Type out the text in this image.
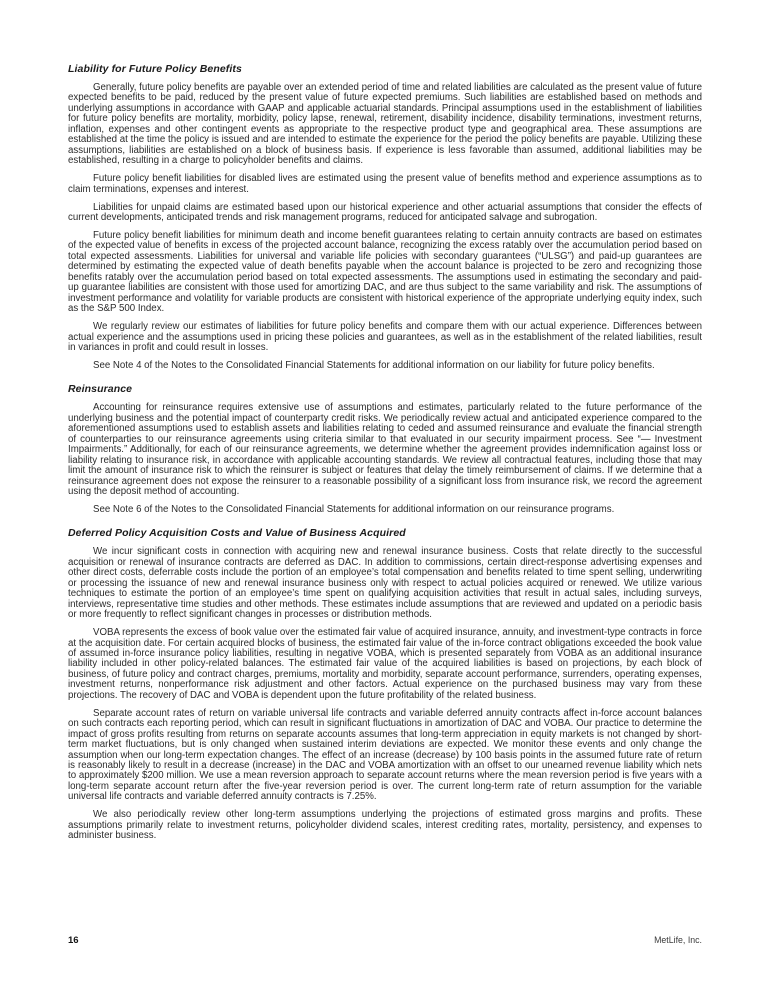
Liability for Future Policy Benefits

Generally, future policy benefits are payable over an extended period of time and related liabilities are calculated as the present value of future expected benefits to be paid, reduced by the present value of future expected premiums. Such liabilities are established based on methods and underlying assumptions in accordance with GAAP and applicable actuarial standards. Principal assumptions used in the establishment of liabilities for future policy benefits are mortality, morbidity, policy lapse, renewal, retirement, disability incidence, disability terminations, investment returns, inflation, expenses and other contingent events as appropriate to the respective product type and geographical area. These assumptions are established at the time the policy is issued and are intended to estimate the experience for the period the policy benefits are payable. Utilizing these assumptions, liabilities are established on a block of business basis. If experience is less favorable than assumed, additional liabilities may be established, resulting in a charge to policyholder benefits and claims.

Future policy benefit liabilities for disabled lives are estimated using the present value of benefits method and experience assumptions as to claim terminations, expenses and interest.

Liabilities for unpaid claims are estimated based upon our historical experience and other actuarial assumptions that consider the effects of current developments, anticipated trends and risk management programs, reduced for anticipated salvage and subrogation.

Future policy benefit liabilities for minimum death and income benefit guarantees relating to certain annuity contracts are based on estimates of the expected value of benefits in excess of the projected account balance, recognizing the excess ratably over the accumulation period based on total expected assessments. Liabilities for universal and variable life policies with secondary guarantees (“ULSG”) and paid-up guarantees are determined by estimating the expected value of death benefits payable when the account balance is projected to be zero and recognizing those benefits ratably over the accumulation period based on total expected assessments. The assumptions used in estimating the secondary and paid-up guarantee liabilities are consistent with those used for amortizing DAC, and are thus subject to the same variability and risk. The assumptions of investment performance and volatility for variable products are consistent with historical experience of the appropriate underlying equity index, such as the S&P 500 Index.

We regularly review our estimates of liabilities for future policy benefits and compare them with our actual experience. Differences between actual experience and the assumptions used in pricing these policies and guarantees, as well as in the establishment of the related liabilities, result in variances in profit and could result in losses.

See Note 4 of the Notes to the Consolidated Financial Statements for additional information on our liability for future policy benefits.

Reinsurance

Accounting for reinsurance requires extensive use of assumptions and estimates, particularly related to the future performance of the underlying business and the potential impact of counterparty credit risks. We periodically review actual and anticipated experience compared to the aforementioned assumptions used to establish assets and liabilities relating to ceded and assumed reinsurance and evaluate the financial strength of counterparties to our reinsurance agreements using criteria similar to that evaluated in our security impairment process. See “— Investment Impairments.” Additionally, for each of our reinsurance agreements, we determine whether the agreement provides indemnification against loss or liability relating to insurance risk, in accordance with applicable accounting standards. We review all contractual features, including those that may limit the amount of insurance risk to which the reinsurer is subject or features that delay the timely reimbursement of claims. If we determine that a reinsurance agreement does not expose the reinsurer to a reasonable possibility of a significant loss from insurance risk, we record the agreement using the deposit method of accounting.

See Note 6 of the Notes to the Consolidated Financial Statements for additional information on our reinsurance programs.

Deferred Policy Acquisition Costs and Value of Business Acquired

We incur significant costs in connection with acquiring new and renewal insurance business. Costs that relate directly to the successful acquisition or renewal of insurance contracts are deferred as DAC. In addition to commissions, certain direct-response advertising expenses and other direct costs, deferrable costs include the portion of an employee’s total compensation and benefits related to time spent selling, underwriting or processing the issuance of new and renewal insurance business only with respect to actual policies acquired or renewed. We utilize various techniques to estimate the portion of an employee’s time spent on qualifying acquisition activities that result in actual sales, including surveys, interviews, representative time studies and other methods. These estimates include assumptions that are reviewed and updated on a periodic basis or more frequently to reflect significant changes in processes or distribution methods.

VOBA represents the excess of book value over the estimated fair value of acquired insurance, annuity, and investment-type contracts in force at the acquisition date. For certain acquired blocks of business, the estimated fair value of the in-force contract obligations exceeded the book value of assumed in-force insurance policy liabilities, resulting in negative VOBA, which is presented separately from VOBA as an additional insurance liability included in other policy-related balances. The estimated fair value of the acquired liabilities is based on projections, by each block of business, of future policy and contract charges, premiums, mortality and morbidity, separate account performance, surrenders, operating expenses, investment returns, nonperformance risk adjustment and other factors. Actual experience on the purchased business may vary from these projections. The recovery of DAC and VOBA is dependent upon the future profitability of the related business.

Separate account rates of return on variable universal life contracts and variable deferred annuity contracts affect in-force account balances on such contracts each reporting period, which can result in significant fluctuations in amortization of DAC and VOBA. Our practice to determine the impact of gross profits resulting from returns on separate accounts assumes that long-term appreciation in equity markets is not changed by short-term market fluctuations, but is only changed when sustained interim deviations are expected. We monitor these events and only change the assumption when our long-term expectation changes. The effect of an increase (decrease) by 100 basis points in the assumed future rate of return is reasonably likely to result in a decrease (increase) in the DAC and VOBA amortization with an offset to our unearned revenue liability which nets to approximately $200 million. We use a mean reversion approach to separate account returns where the mean reversion period is five years with a long-term separate account return after the five-year reversion period is over. The current long-term rate of return assumption for the variable universal life contracts and variable deferred annuity contracts is 7.25%.

We also periodically review other long-term assumptions underlying the projections of estimated gross margins and profits. These assumptions primarily relate to investment returns, policyholder dividend scales, interest crediting rates, mortality, persistency, and expenses to administer business.

16	MetLife, Inc.
